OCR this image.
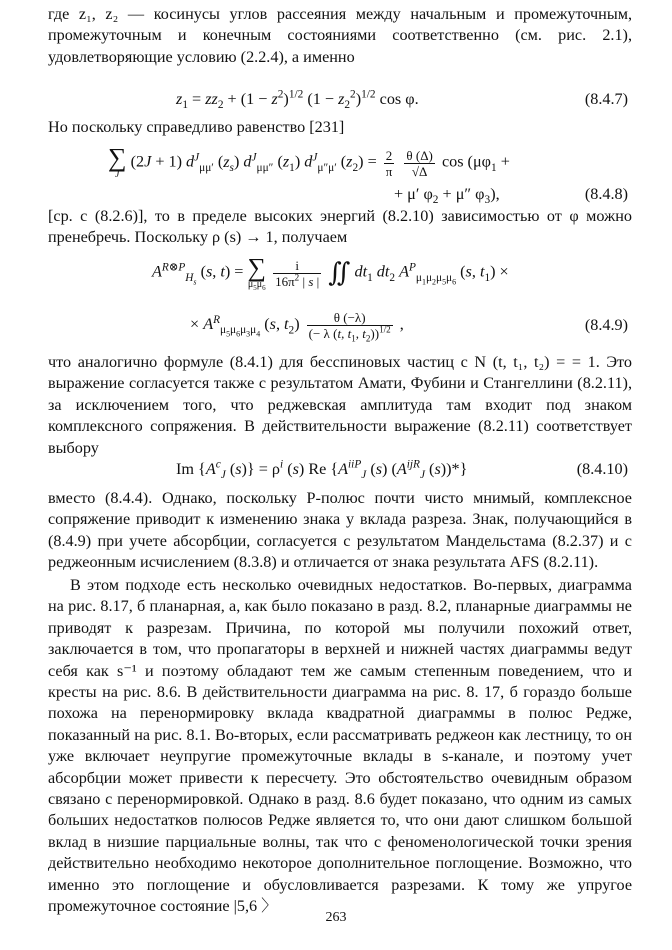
где z₁, z₂ — косинусы углов рассеяния между начальным и промежуточным, промежуточным и конечным состояниями соответственно (см. рис. 2.1), удовлетворяющие условию (2.2.4), а именно
$z_1 = zz_2 + (1 - z^2)^{1/2}$ $(1 - z_2^2)^{1/2}$ cos φ.	(8.4.7)
Но поскольку справедливо равенство [231]
∑
J
(2J + 1) $d^J_{\mu\mu'}$ $(z_s)$ $d^J_{\mu\mu''}$ $(z_1)$ $d^J_{\mu''\mu'}$ $(z_2) = \frac{2}{\pi}$
$\frac{\theta (\Delta)}{√\Delta}$ $\cos (\mu\varphi_1$ +
+ μ′ $\varphi_2 + \mu''$ $\varphi_3$),	(8.4.8)
[ср. с (8.2.6)], то в пределе высоких энергий (8.2.10) зависимостью от φ можно пренебречь. Поскольку ρ (s) → 1, получаем
$A^{R\otimes P}_{H_s}$ (s, t) = ∑
$\mu_5\mu_6$
$\frac{i}{16\pi^2 | s |}$ ∬ $dt_1$ $dt_2$ $A^P_{\mu_1\mu_2\mu_5\mu_6}$ (s, $t_1$) ×
× $A^R_{\mu_5\mu_6\mu_3\mu_4}$ (s, $t_2) \frac{\theta (-\lambda)}{(- \lambda (t, t_1, t_2))^{1/2}}$ ,	(8.4.9)
что аналогично формуле (8.4.1) для бесспиновых частиц с N (t, t₁, t₂) = = 1. Это выражение согласуется также с результатом Амати, Фубини и Стангеллини (8.2.11), за исключением того, что реджевская амплитуда там входит под знаком комплексного сопряжения. В действительности выражение (8.2.11) соответствует выбору
Im {$A^c_J$ $(s)\} = \rho^i$ (s) Re {$A^{iiP}_J$ (s) ($A^{ijR}_J$ (s))*}	(8.4.10)
вместо (8.4.4). Однако, поскольку P-полюс почти чисто мнимый, комплексное сопряжение приводит к изменению знака у вклада разреза. Знак, получающийся в (8.4.9) при учете абсорбции, согласуется с результатом Мандельстама (8.2.37) и с реджеонным исчислением (8.3.8) и отличается от знака результата AFS (8.2.11).
В этом подходе есть несколько очевидных недостатков. Во-первых, диаграмма на рис. 8.17, б планарная, а, как было показано в разд. 8.2, планарные диаграммы не приводят к разрезам. Причина, по которой мы получили похожий ответ, заключается в том, что пропагаторы в верхней и нижней частях диаграммы ведут себя как s⁻¹ и поэтому обладают тем же самым степенным поведением, что и кресты на рис. 8.6. В действительности диаграмма на рис. 8. 17, б гораздо больше похожа на перенормировку вклада квадратной диаграммы в полюс Редже, показанный на рис. 8.1. Во-вторых, если рассматривать реджеон как лестницу, то он уже включает неупругие промежуточные вклады в s-канале, и поэтому учет абсорбции может привести к пересчету. Это обстоятельство очевидным образом связано с перенормировкой. Однако в разд. 8.6 будет показано, что одним из самых больших недостатков полюсов Редже является то, что они дают слишком большой вклад в низшие парциальные волны, так что с феноменологической точки зрения действительно необходимо некоторое дополнительное поглощение. Возможно, что именно это поглощение и обусловливается разрезами. К тому же упругое промежуточное состояние |5,6 〉
263
